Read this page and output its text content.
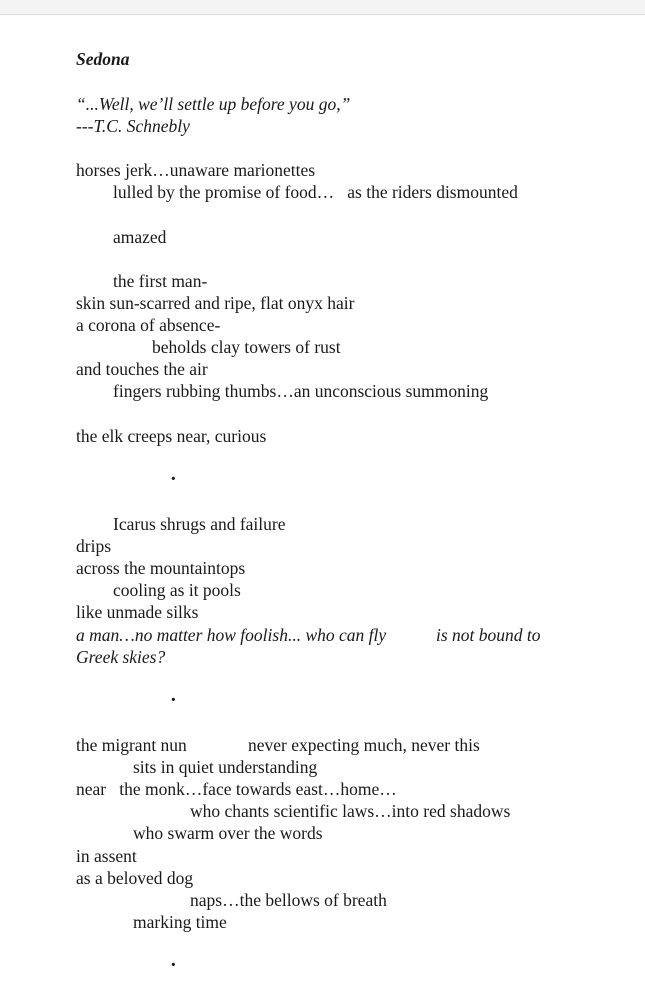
Sedona
“...Well, we’ll settle up before you go,”
---T.C. Schnebly
horses jerk…unaware marionettes
lulled by the promise of food…   as the riders dismounted
amazed
the first man-
skin sun-scarred and ripe, flat onyx hair
a corona of absence-
beholds clay towers of rust
and touches the air
fingers rubbing thumbs…an unconscious summoning
the elk creeps near, curious
·
Icarus shrugs and failure
drips
across the mountaintops
cooling as it pools
like unmade silks
a man…no matter how foolish... who can fly	is not bound to
Greek skies?
·
the migrant nun	never expecting much, never this
sits in quiet understanding
near   the monk…face towards east…home…
who chants scientific laws…into red shadows
who swarm over the words
in assent
as a beloved dog
naps…the bellows of breath
marking time
·
